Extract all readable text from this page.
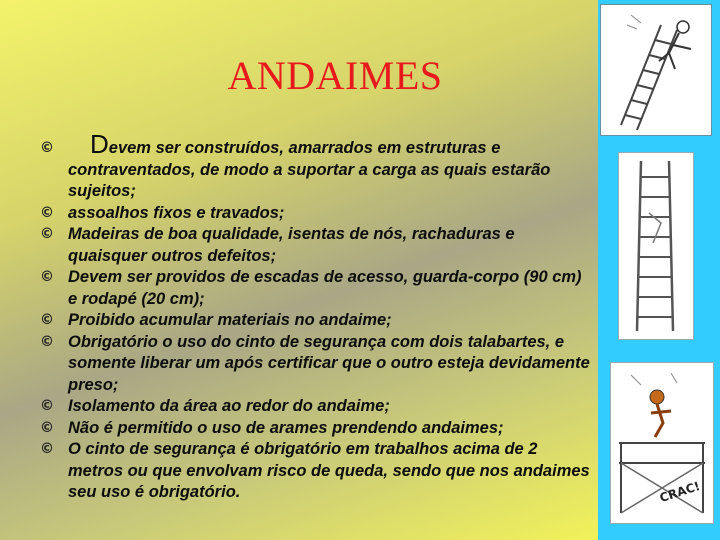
ANDAIMES
© Devem ser construídos, amarrados em estruturas e
contraventados, de modo a suportar a carga as quais estarão sujeitos;
© assoalhos fixos e travados;
© Madeiras de boa qualidade, isentas de nós, rachaduras e quaisquer outros defeitos;
© Devem ser providos de escadas de acesso, guarda-corpo (90 cm) e rodapé (20 cm);
© Proibido acumular materiais no andaime;
© Obrigatório o uso do cinto de segurança com dois talabartes, e somente liberar um após certificar que o outro esteja devidamente preso;
© Isolamento da área ao redor do andaime;
© Não é permitido o uso de arames prendendo andaimes;
© O cinto de segurança é obrigatório em trabalhos acima de 2 metros ou que envolvam risco de queda, sendo que nos andaimes seu uso é obrigatório.	CRAC!
